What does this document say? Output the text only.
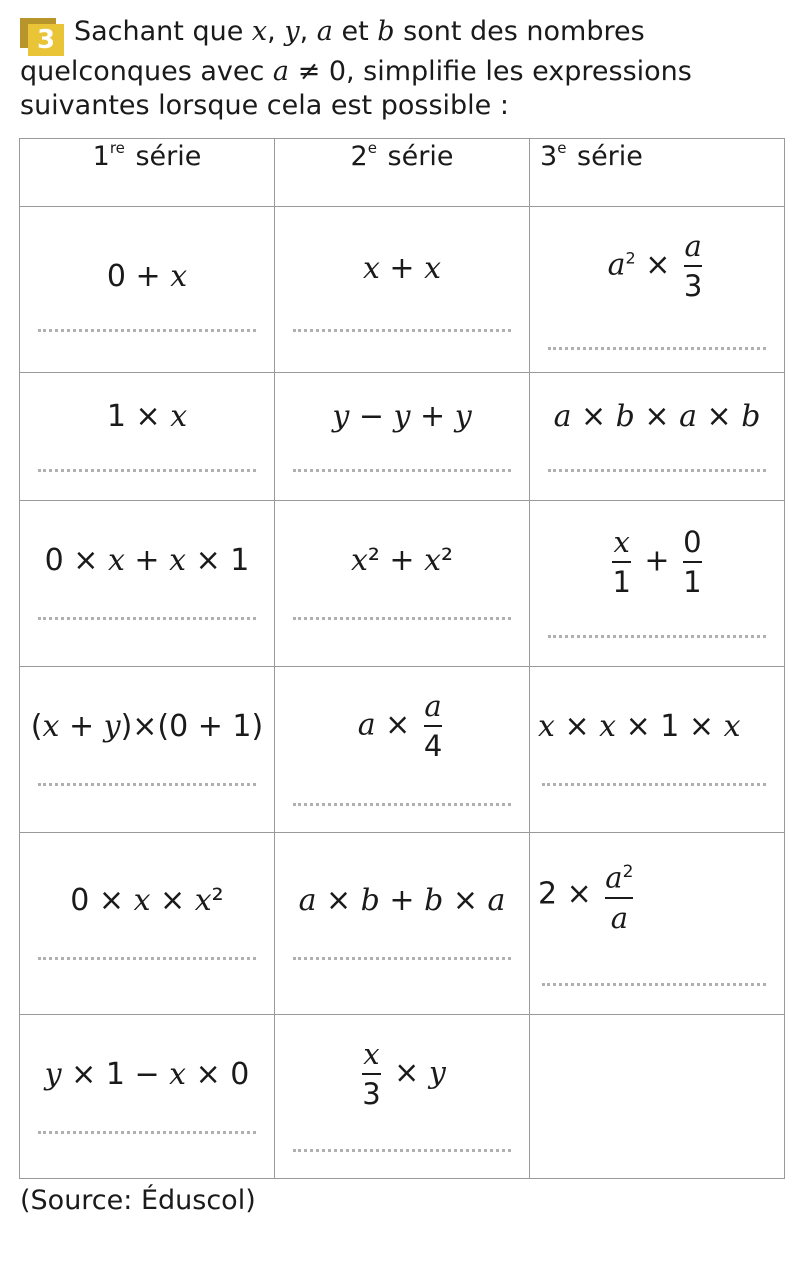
3 Sachant que x, y, a et b sont des nombres
quelconques avec a ≠ 0, simplifie les expressions
suivantes lorsque cela est possible :
1re série	2e série	3e série

0 + x	x + x	$a^2 \times \frac{a}{3}$

1 × x	y − y + y	a × b × a × b

0 × x + x × 1	x² + x²	$\frac{x}{1} + \frac{0}{1}$

(x + y)×(0 + 1)	$a \times \frac{a}{4}$	x × x × 1 × x

0 × x × x²	a × b + b × a	$2 \times \frac{a^2}{a}$

y × 1 − x × 0	$\frac{x}{3} \times y$	

(Source: Éduscol)
